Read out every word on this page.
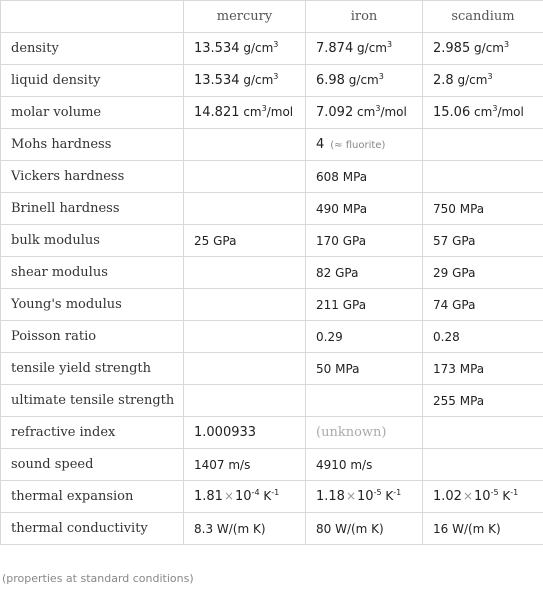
	mercury	iron	scandium
density	13.534 $g/cm^3$	7.874 $g/cm^3$	2.985 $g/cm^3$
liquid density	13.534 $g/cm^3$	6.98 $g/cm^3$	2.8 $g/cm^3$
molar volume	14.821 $cm^3$/mol	7.092 $cm^3$/mol	15.06 $cm^3$/mol
Mohs hardness		4 (≈ fluorite)	
Vickers hardness		608 MPa	
Brinell hardness		490 MPa	750 MPa
bulk modulus	25 GPa	170 GPa	57 GPa
shear modulus		82 GPa	29 GPa
Young's modulus		211 GPa	74 GPa
Poisson ratio		0.29	0.28
tensile yield strength		50 MPa	173 MPa
ultimate tensile strength			255 MPa
refractive index	1.000933	(unknown)	
sound speed	1407 m/s	4910 m/s	
thermal expansion	$1.81\times 10^{-4}$ $K^{-1}$	$1.18\times 10^{-5}$ $K^{-1}$	$1.02\times 10^{-5}$ $K^{-1}$
thermal conductivity	8.3 W/(m K)	80 W/(m K)	16 W/(m K)
(properties at standard conditions)
